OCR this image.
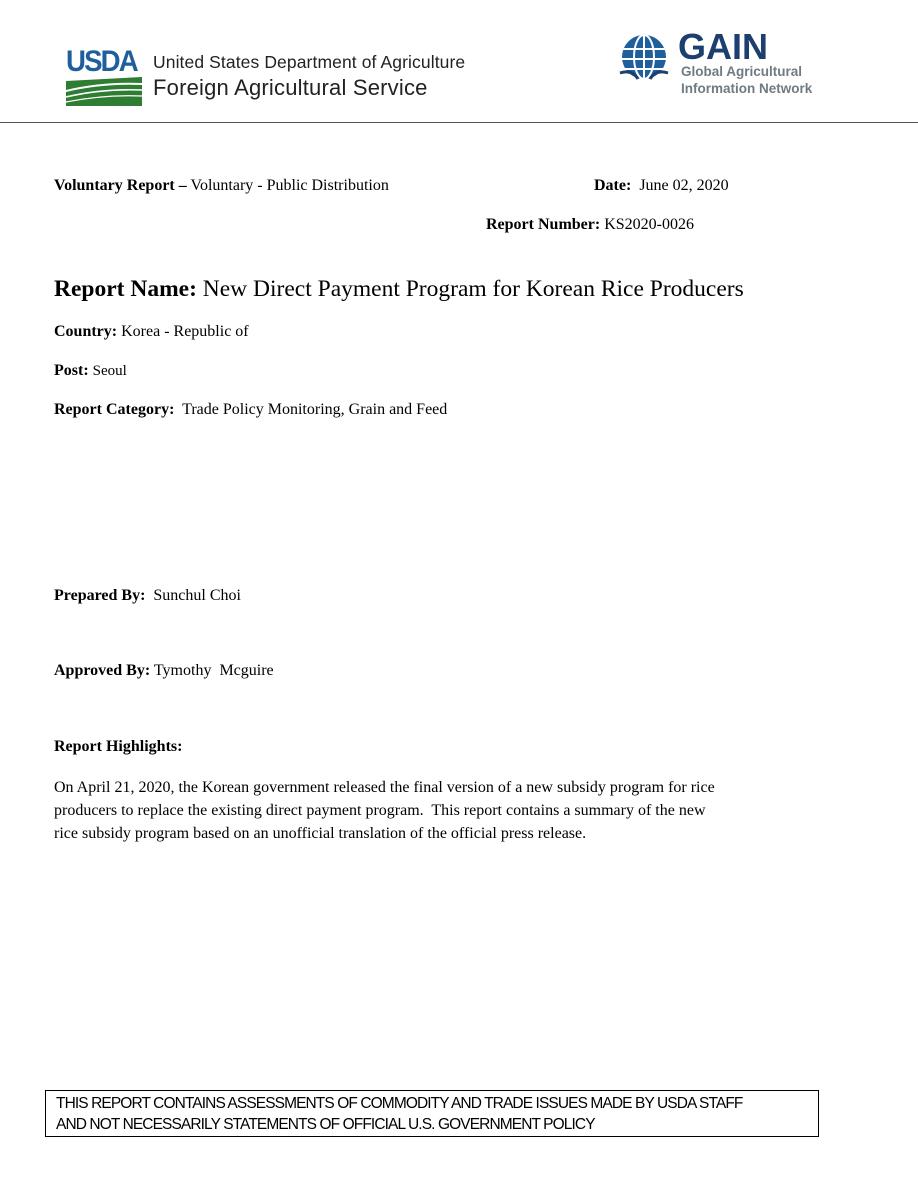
USDA United States Department of Agriculture
Foreign Agricultural Service
GAIN
Global Agricultural
Information Network
Voluntary Report – Voluntary - Public Distribution	Date: June 02, 2020
Report Number: KS2020-0026
Report Name: New Direct Payment Program for Korean Rice Producers
Country: Korea - Republic of
Post: Seoul
Report Category: Trade Policy Monitoring, Grain and Feed
Prepared By: Sunchul Choi
Approved By: Tymothy  Mcguire
Report Highlights:
On April 21, 2020, the Korean government released the final version of a new subsidy program for rice
producers to replace the existing direct payment program.  This report contains a summary of the new
rice subsidy program based on an unofficial translation of the official press release.
THIS REPORT CONTAINS ASSESSMENTS OF COMMODITY AND TRADE ISSUES MADE BY USDA STAFF
AND NOT NECESSARILY STATEMENTS OF OFFICIAL U.S. GOVERNMENT POLICY
